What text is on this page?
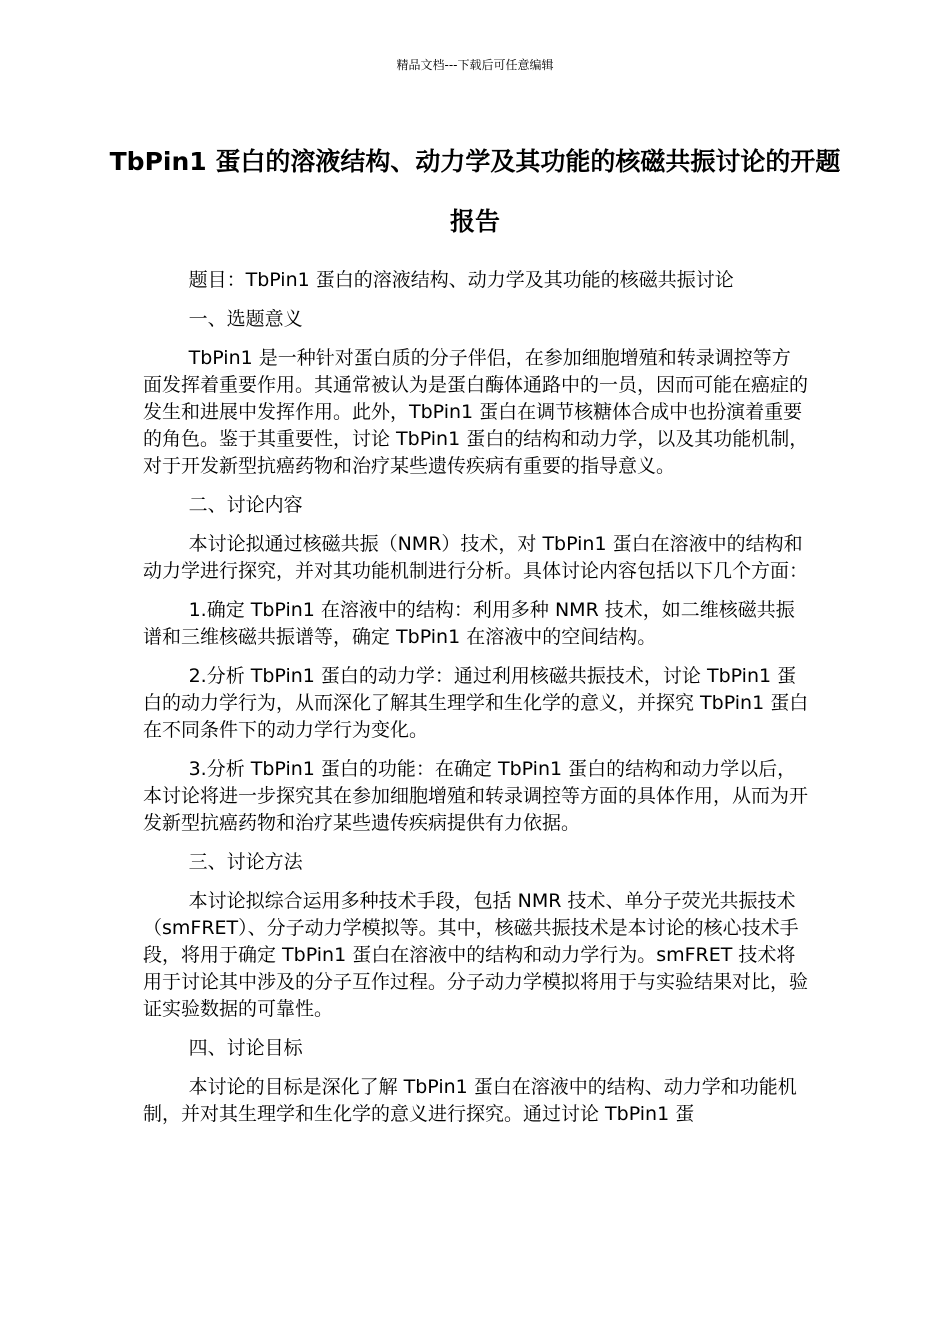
精品文档---下载后可任意编辑
TbPin1 蛋白的溶液结构、动力学及其功能的核磁共振讨论的开题报告

题目：TbPin1 蛋白的溶液结构、动力学及其功能的核磁共振讨论

一、选题意义

TbPin1 是一种针对蛋白质的分子伴侣，在参加细胞增殖和转录调控等方面发挥着重要作用。其通常被认为是蛋白酶体通路中的一员，因而可能在癌症的发生和进展中发挥作用。此外，TbPin1 蛋白在调节核糖体合成中也扮演着重要的角色。鉴于其重要性，讨论 TbPin1 蛋白的结构和动力学，以及其功能机制，对于开发新型抗癌药物和治疗某些遗传疾病有重要的指导意义。

二、讨论内容

本讨论拟通过核磁共振（NMR）技术，对 TbPin1 蛋白在溶液中的结构和动力学进行探究，并对其功能机制进行分析。具体讨论内容包括以下几个方面：

1.确定 TbPin1 在溶液中的结构：利用多种 NMR 技术，如二维核磁共振谱和三维核磁共振谱等，确定 TbPin1 在溶液中的空间结构。

2.分析 TbPin1 蛋白的动力学：通过利用核磁共振技术，讨论 TbPin1 蛋白的动力学行为，从而深化了解其生理学和生化学的意义，并探究 TbPin1 蛋白在不同条件下的动力学行为变化。

3.分析 TbPin1 蛋白的功能：在确定 TbPin1 蛋白的结构和动力学以后，本讨论将进一步探究其在参加细胞增殖和转录调控等方面的具体作用，从而为开发新型抗癌药物和治疗某些遗传疾病提供有力依据。

三、讨论方法

本讨论拟综合运用多种技术手段，包括 NMR 技术、单分子荧光共振技术（smFRET）、分子动力学模拟等。其中，核磁共振技术是本讨论的核心技术手段，将用于确定 TbPin1 蛋白在溶液中的结构和动力学行为。smFRET 技术将用于讨论其中涉及的分子互作过程。分子动力学模拟将用于与实验结果对比，验证实验数据的可靠性。

四、讨论目标

本讨论的目标是深化了解 TbPin1 蛋白在溶液中的结构、动力学和功能机制，并对其生理学和生化学的意义进行探究。通过讨论 TbPin1 蛋
